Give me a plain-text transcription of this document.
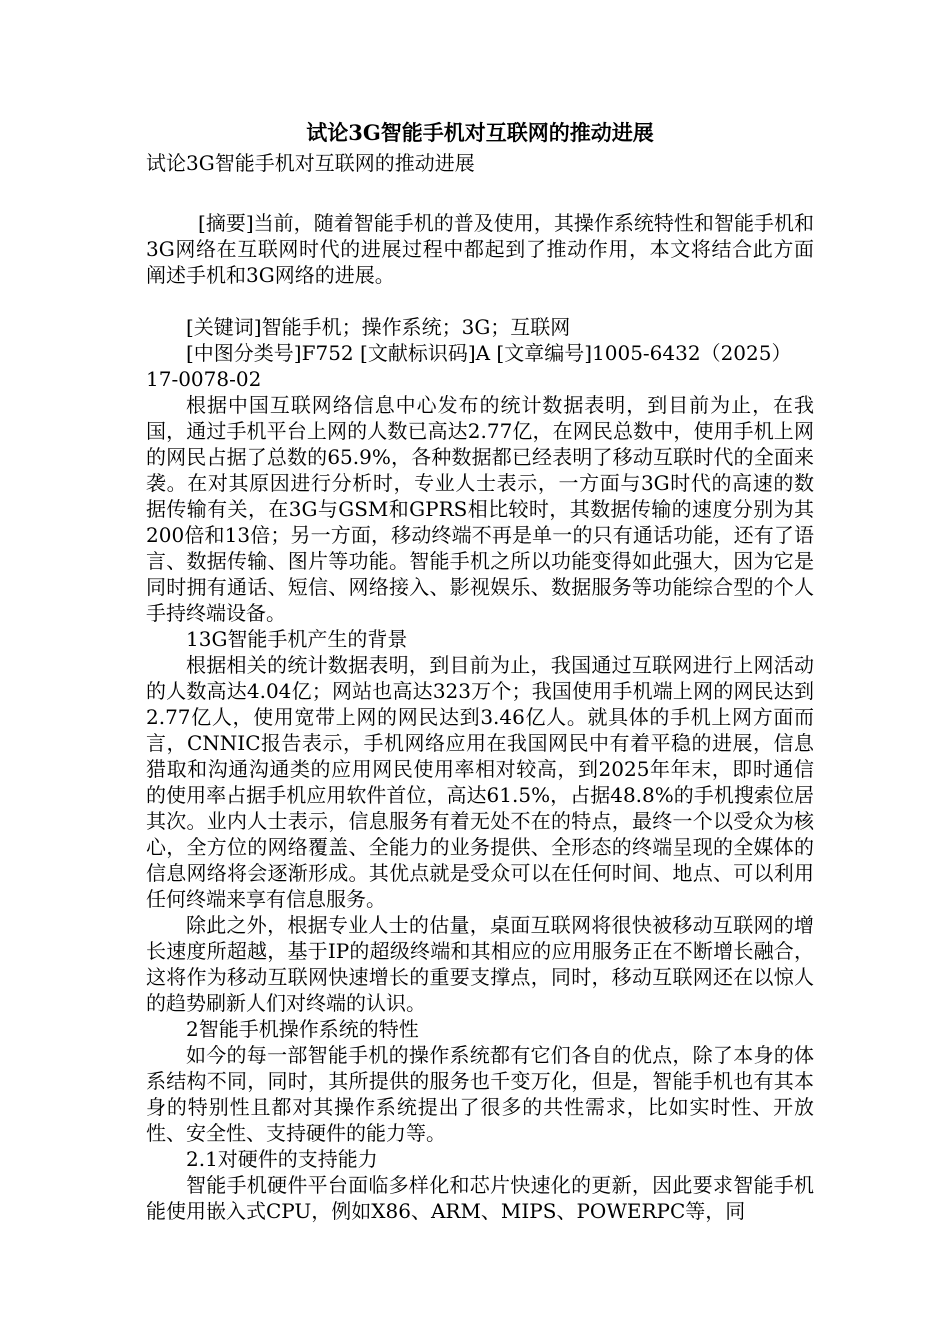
试论3G智能手机对互联网的推动进展
试论3G智能手机对互联网的推动进展

[摘要]当前，随着智能手机的普及使用，其操作系统特性和智能手机和3G网络在互联网时代的进展过程中都起到了推动作用，本文将结合此方面阐述手机和3G网络的进展。

[关键词]智能手机；操作系统；3G；互联网

[中图分类号]F752 [文献标识码]A [文章编号]1005-6432（2025）17-0078-02

根据中国互联网络信息中心发布的统计数据表明，到目前为止，在我国，通过手机平台上网的人数已高达2.77亿，在网民总数中，使用手机上网的网民占据了总数的65.9%，各种数据都已经表明了移动互联时代的全面来袭。在对其原因进行分析时，专业人士表示，一方面与3G时代的高速的数据传输有关，在3G与GSM和GPRS相比较时，其数据传输的速度分别为其200倍和13倍；另一方面，移动终端不再是单一的只有通话功能，还有了语言、数据传输、图片等功能。智能手机之所以功能变得如此强大，因为它是同时拥有通话、短信、网络接入、影视娱乐、数据服务等功能综合型的个人手持终端设备。

13G智能手机产生的背景

根据相关的统计数据表明，到目前为止，我国通过互联网进行上网活动的人数高达4.04亿；网站也高达323万个；我国使用手机端上网的网民达到2.77亿人，使用宽带上网的网民达到3.46亿人。就具体的手机上网方面而言，CNNIC报告表示，手机网络应用在我国网民中有着平稳的进展，信息猎取和沟通沟通类的应用网民使用率相对较高，到2025年年末，即时通信的使用率占据手机应用软件首位，高达61.5%，占据48.8%的手机搜索位居其次。业内人士表示，信息服务有着无处不在的特点，最终一个以受众为核心，全方位的网络覆盖、全能力的业务提供、全形态的终端呈现的全媒体的信息网络将会逐渐形成。其优点就是受众可以在任何时间、地点、可以利用任何终端来享有信息服务。

除此之外，根据专业人士的估量，桌面互联网将很快被移动互联网的增长速度所超越，基于IP的超级终端和其相应的应用服务正在不断增长融合，这将作为移动互联网快速增长的重要支撑点，同时，移动互联网还在以惊人的趋势刷新人们对终端的认识。

2智能手机操作系统的特性

如今的每一部智能手机的操作系统都有它们各自的优点，除了本身的体系结构不同，同时，其所提供的服务也千变万化，但是，智能手机也有其本身的特别性且都对其操作系统提出了很多的共性需求，比如实时性、开放性、安全性、支持硬件的能力等。

2.1对硬件的支持能力

智能手机硬件平台面临多样化和芯片快速化的更新，因此要求智能手机能使用嵌入式CPU，例如X86、ARM、MIPS、POWERPC等，同
